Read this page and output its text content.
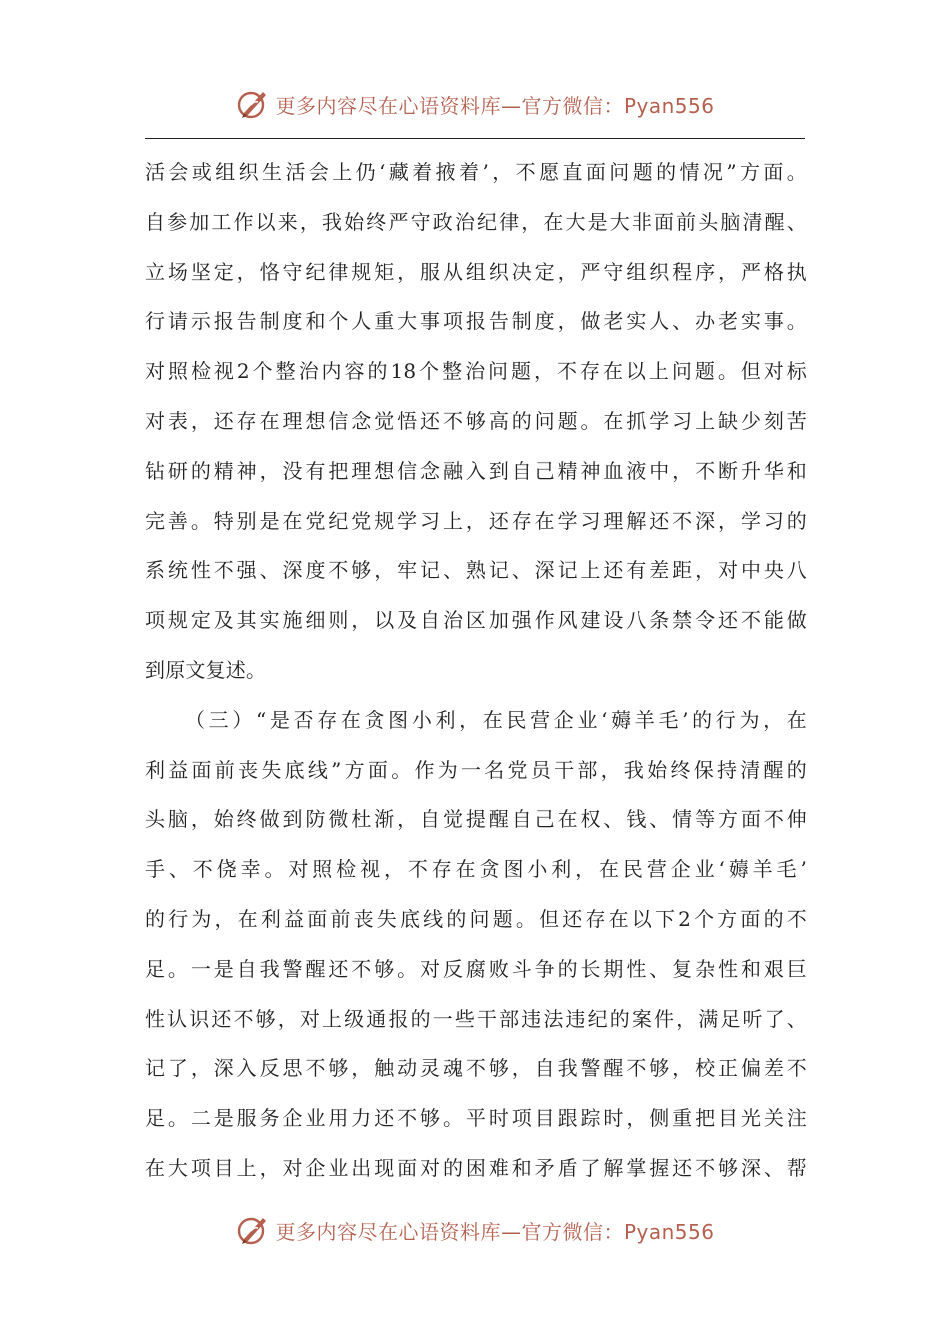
更多内容尽在心语资料库—官方微信：Pyan556
活会或组织生活会上仍‘藏着掖着’，不愿直面问题的情况”方面。
自参加工作以来，我始终严守政治纪律，在大是大非面前头脑清醒、
立场坚定，恪守纪律规矩，服从组织决定，严守组织程序，严格执
行请示报告制度和个人重大事项报告制度，做老实人、办老实事。
对照检视2个整治内容的18个整治问题，不存在以上问题。但对标
对表，还存在理想信念觉悟还不够高的问题。在抓学习上缺少刻苦
钻研的精神，没有把理想信念融入到自己精神血液中，不断升华和
完善。特别是在党纪党规学习上，还存在学习理解还不深，学习的
系统性不强、深度不够，牢记、熟记、深记上还有差距，对中央八
项规定及其实施细则，以及自治区加强作风建设八条禁令还不能做
到原文复述。
（三）“是否存在贪图小利，在民营企业‘薅羊毛’的行为，在
利益面前丧失底线”方面。作为一名党员干部，我始终保持清醒的
头脑，始终做到防微杜渐，自觉提醒自己在权、钱、情等方面不伸
手、不侥幸。对照检视，不存在贪图小利，在民营企业‘薅羊毛’
的行为，在利益面前丧失底线的问题。但还存在以下2个方面的不
足。一是自我警醒还不够。对反腐败斗争的长期性、复杂性和艰巨
性认识还不够，对上级通报的一些干部违法违纪的案件，满足听了、
记了，深入反思不够，触动灵魂不够，自我警醒不够，校正偏差不
足。二是服务企业用力还不够。平时项目跟踪时，侧重把目光关注
在大项目上，对企业出现面对的困难和矛盾了解掌握还不够深、帮
更多内容尽在心语资料库—官方微信：Pyan556
